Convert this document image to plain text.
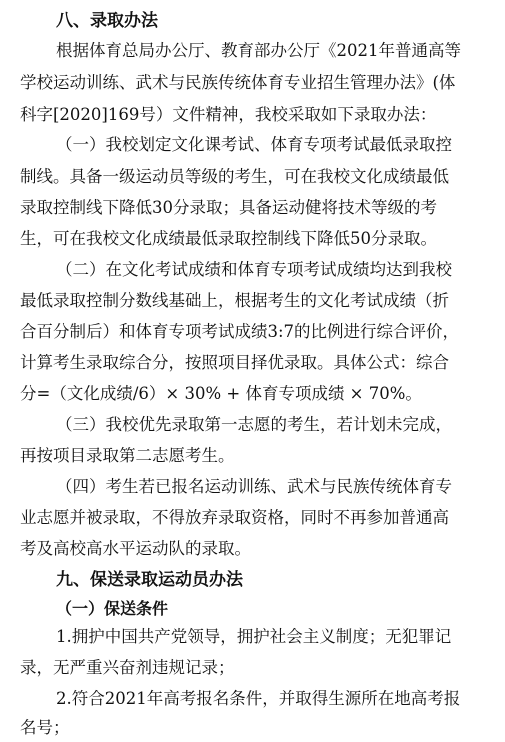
八、录取办法
根据体育总局办公厅、教育部办公厅《2021年普通高等
学校运动训练、武术与民族传统体育专业招生管理办法》(体
科字[2020]169号）文件精神，我校采取如下录取办法：
（一）我校划定文化课考试、体育专项考试最低录取控
制线。具备一级运动员等级的考生，可在我校文化成绩最低
录取控制线下降低30分录取；具备运动健将技术等级的考
生，可在我校文化成绩最低录取控制线下降低50分录取。
（二）在文化考试成绩和体育专项考试成绩均达到我校
最低录取控制分数线基础上，根据考生的文化考试成绩（折
合百分制后）和体育专项考试成绩3:7的比例进行综合评价，
计算考生录取综合分，按照项目择优录取。具体公式：综合
分=（文化成绩/6）× 30% + 体育专项成绩 × 70%。
（三）我校优先录取第一志愿的考生，若计划未完成，
再按项目录取第二志愿考生。
（四）考生若已报名运动训练、武术与民族传统体育专
业志愿并被录取，不得放弃录取资格，同时不再参加普通高
考及高校高水平运动队的录取。
九、保送录取运动员办法
（一）保送条件
1.拥护中国共产党领导，拥护社会主义制度；无犯罪记
录，无严重兴奋剂违规记录；
2.符合2021年高考报名条件，并取得生源所在地高考报
名号；
